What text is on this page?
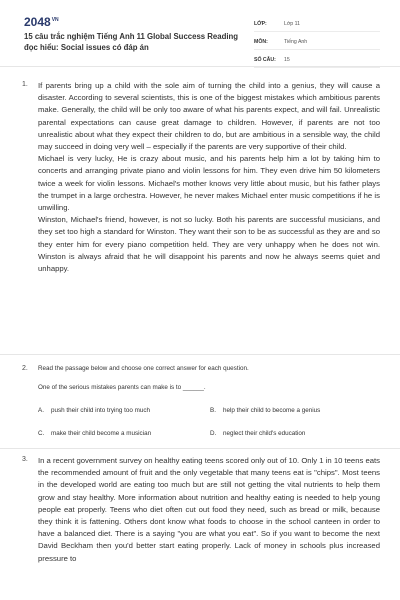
$2048^{VN}$
15 câu trắc nghiệm Tiếng Anh 11 Global Success Reading đọc hiểu: Social issues có đáp án
LỚP:	Lớp 11
MÔN:	Tiếng Anh
SỐ CÂU:	15
1. If parents bring up a child with the sole aim of turning the child into a genius, they will cause a disaster. According to several scientists, this is one of the biggest mistakes which ambitious parents make. Generally, the child will be only too aware of what his parents expect, and will fail. Unrealistic parental expectations can cause great damage to children. However, if parents are not too unrealistic about what they expect their children to do, but are ambitious in a sensible way, the child may succeed in doing very well – especially if the parents are very supportive of their child.

Michael is very lucky, He is crazy about music, and his parents help him a lot by taking him to concerts and arranging private piano and violin lessons for him. They even drive him 50 kilometers twice a week for violin lessons. Michael's mother knows very little about music, but his father plays the trumpet in a large orchestra. However, he never makes Michael enter music competitions if he is unwilling.

Winston, Michael's friend, however, is not so lucky. Both his parents are successful musicians, and they set too high a standard for Winston. They want their son to be as successful as they are and so they enter him for every piano competition held. They are very unhappy when he does not win. Winston is always afraid that he will disappoint his parents and now he always seems quiet and unhappy.

2. Read the passage below and choose one correct answer for each question.
One of the serious mistakes parents can make is to ______.
A. push their child into trying too much	B. help their child to become a genius
C. make their child become a musician	D. neglect their child's education
3. In a recent government survey on healthy eating teens scored only out of 10. Only 1 in 10 teens eats the recommended amount of fruit and the only vegetable that many teens eat is "chips". Most teens in the developed world are eating too much but are still not getting the vital nutrients to help them grow and stay healthy. More information about nutrition and healthy eating is needed to help young people eat properly. Teens who diet often cut out food they need, such as bread or milk, because they think it is fattening. Others dont know what foods to choose in the school canteen in order to have a balanced diet. There is a saying "you are what you eat". So if you want to become the next David Beckham then you'd better start eating properly. Lack of money in schools plus increased pressure to
